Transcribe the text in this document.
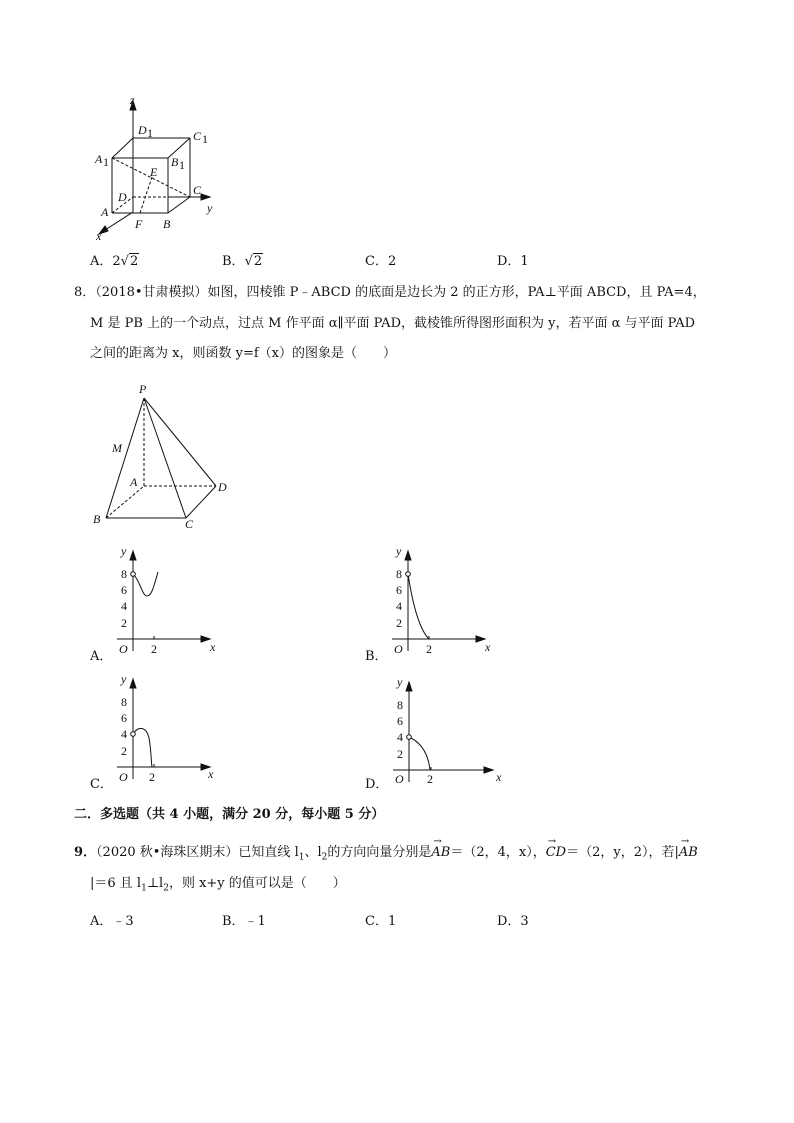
z
y
x
D 1	C 1
A 1	B 1
E
D	C
A
F B
A．2√2	B．√2	C．2	D．1
8．（2018•甘肃模拟）如图，四棱锥 P﹣ABCD 的底面是边长为 2 的正方形，PA⊥平面 ABCD，且 PA=4，
M 是 PB 上的一个动点，过点 M 作平面 α∥平面 PAD，截棱锥所得图形面积为 y，若平面 α 与平面 PAD
之间的距离为 x，则函数 y=f（x）的图象是（　　）
P
M
A	D
B	C
y
x
O
8
6
4
2
2
A．
y
x
O
8
6
4
2
2
B．
y
x
O
8
6
4
2
2
C．
y
x
O
8
6
4
2
2
D．
二．多选题（共 4 小题，满分 20 分，每小题 5 分）
9．（2020 秋•海珠区期末）已知直线 $l_1$、$l_2$的方向向量分别是→ AB＝（2，4，x），→ CD＝（2，y，2），若|→ AB
|＝6 且 $l_1\perp l_2$，则 x+y 的值可以是（　　）
A．﹣3	B．﹣1	C．1	D．3
